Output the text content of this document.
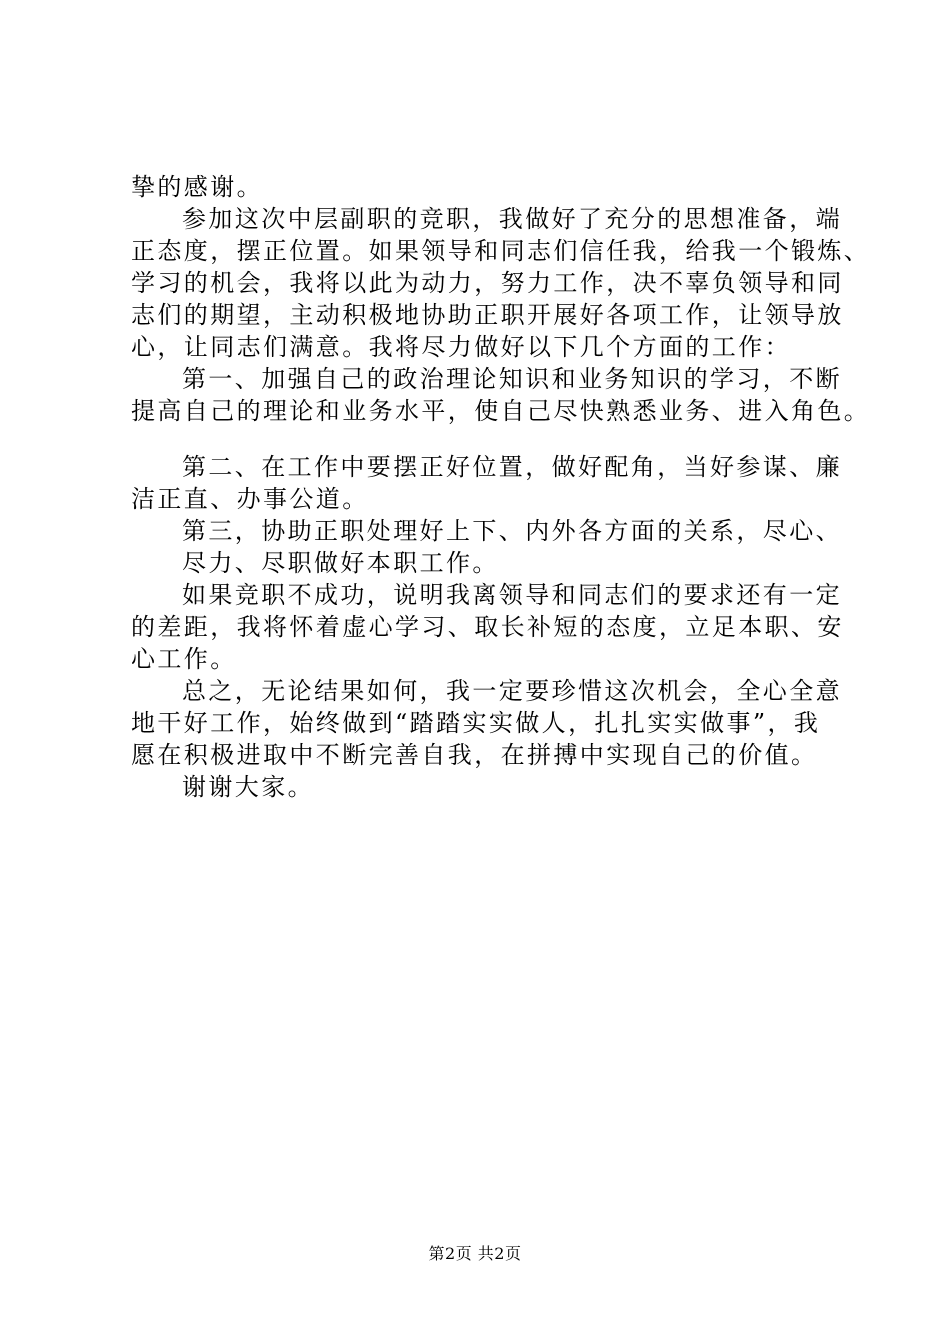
挚的感谢。
参加这次中层副职的竞职，我做好了充分的思想准备，端
正态度，摆正位置。如果领导和同志们信任我，给我一个锻炼、
学习的机会，我将以此为动力，努力工作，决不辜负领导和同
志们的期望，主动积极地协助正职开展好各项工作，让领导放
心，让同志们满意。我将尽力做好以下几个方面的工作：
第一、加强自己的政治理论知识和业务知识的学习，不断
提高自己的理论和业务水平，使自己尽快熟悉业务、进入角色。
第二、在工作中要摆正好位置，做好配角，当好参谋、廉
洁正直、办事公道。
第三，协助正职处理好上下、内外各方面的关系，尽心、
尽力、尽职做好本职工作。
如果竞职不成功，说明我离领导和同志们的要求还有一定
的差距，我将怀着虚心学习、取长补短的态度，立足本职、安
心工作。
总之，无论结果如何，我一定要珍惜这次机会，全心全意
地干好工作，始终做到“踏踏实实做人，扎扎实实做事”，我
愿在积极进取中不断完善自我，在拼搏中实现自己的价值。
谢谢大家。
第2页 共2页
